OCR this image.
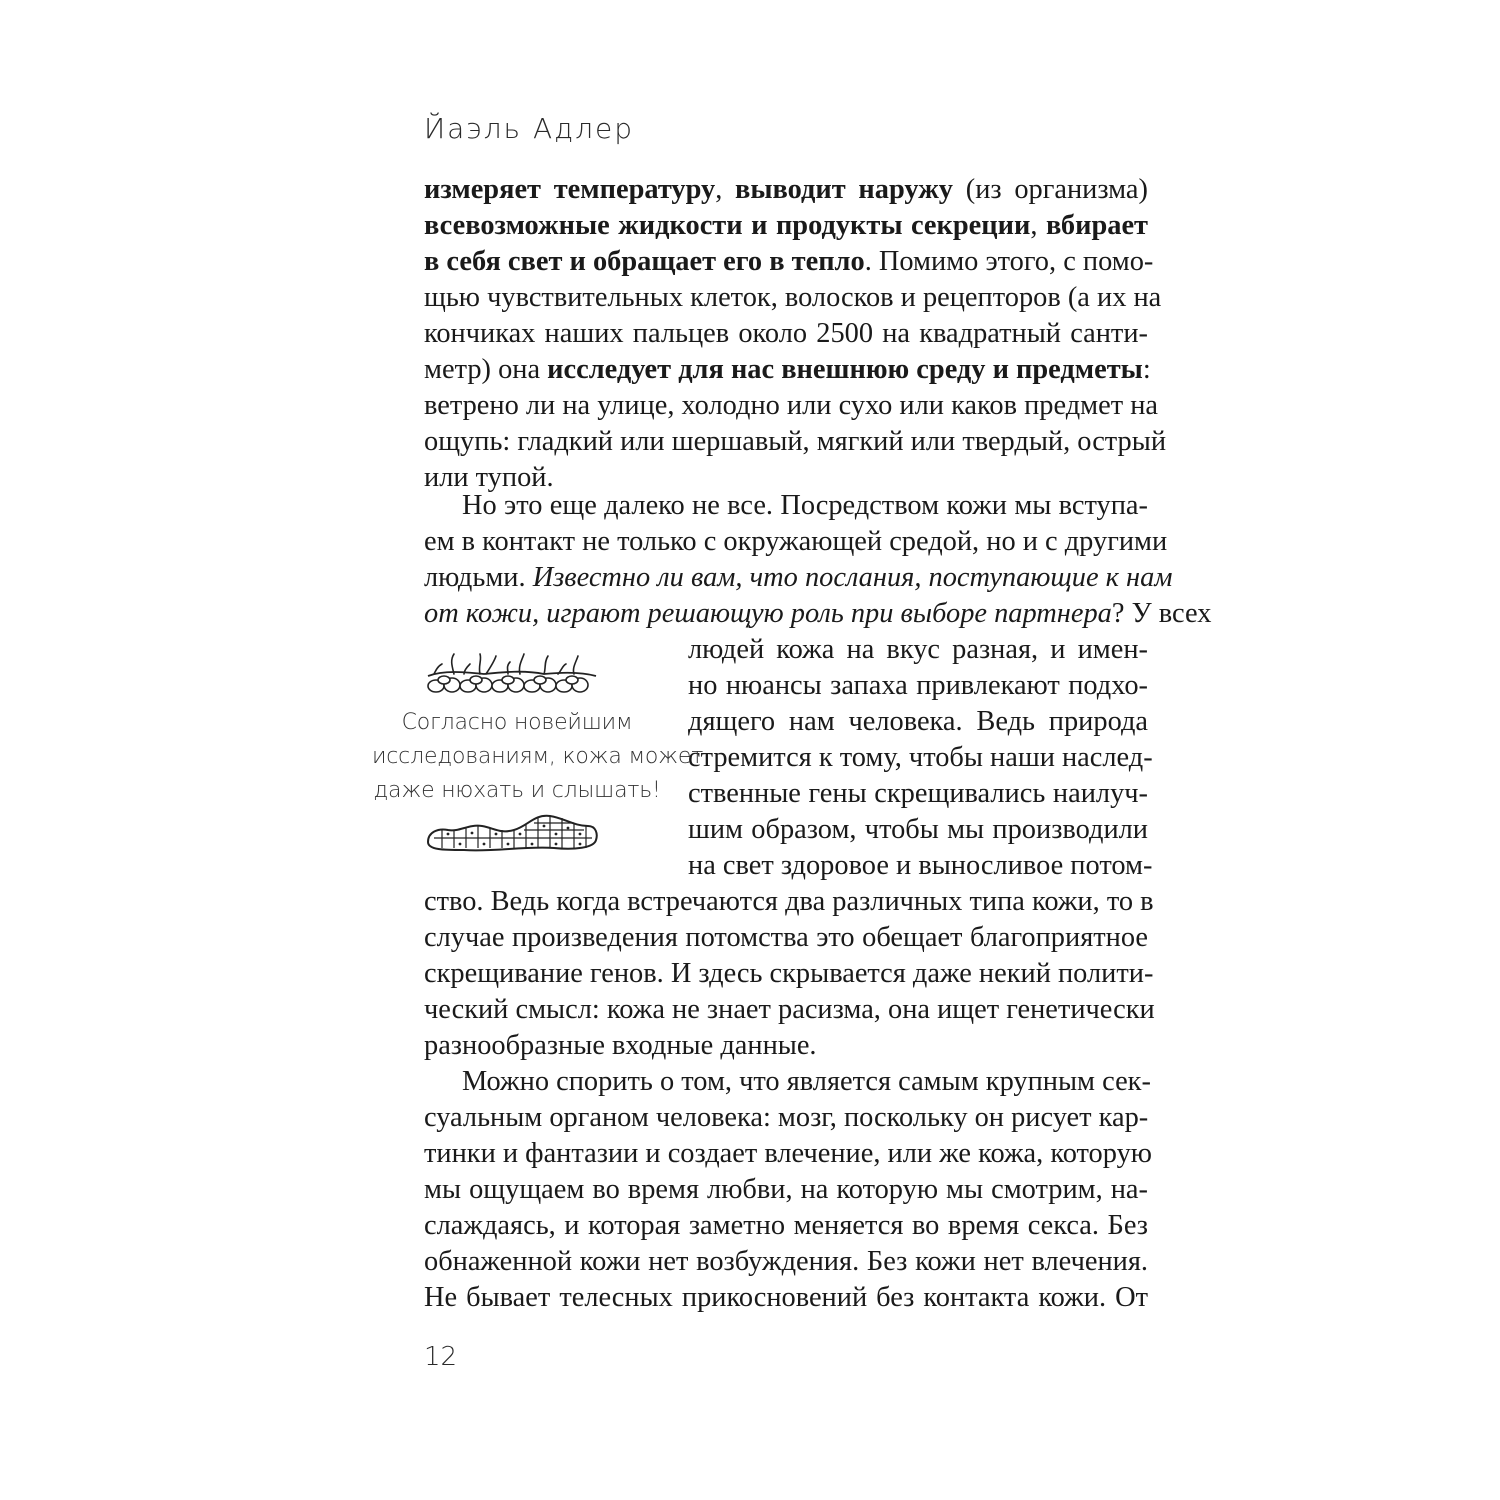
Йаэль Адлер

измеряет температуру, выводит наружу (из организма)
всевозможные жидкости и продукты секреции, вбирает
в себя свет и обращает его в тепло. Помимо этого, с помо-
щью чувствительных клеток, волосков и рецепторов (а их на
кончиках наших пальцев около 2500 на квадратный санти-
метр) она исследует для нас внешнюю среду и предметы:
ветрено ли на улице, холодно или сухо или каков предмет на
ощупь: гладкий или шершавый, мягкий или твердый, острый
или тупой.

Но это еще далеко не все. Посредством кожи мы вступа-
ем в контакт не только с окружающей средой, но и с другими
людьми. Известно ли вам, что послания, поступающие к нам
от кожи, играют решающую роль при выборе партнера? У всех

людей кожа на вкус разная, и имен-
но нюансы запаха привлекают подхо-
дящего нам человека. Ведь природа
стремится к тому, чтобы наши наслед-
ственные гены скрещивались наилуч-
шим образом, чтобы мы производили
на свет здоровое и выносливое потом-

ство. Ведь когда встречаются два различных типа кожи, то в
случае произведения потомства это обещает благоприятное
скрещивание генов. И здесь скрывается даже некий полити-
ческий смысл: кожа не знает расизма, она ищет генетически
разнообразные входные данные.

Можно спорить о том, что является самым крупным сек-
суальным органом человека: мозг, поскольку он рисует кар-
тинки и фантазии и создает влечение, или же кожа, которую
мы ощущаем во время любви, на которую мы смотрим, на-
слаждаясь, и которая заметно меняется во время секса. Без
обнаженной кожи нет возбуждения. Без кожи нет влечения.
Не бывает телесных прикосновений без контакта кожи. От

Согласно новейшим
исследованиям, кожа может
даже нюхать и слышать!
12
